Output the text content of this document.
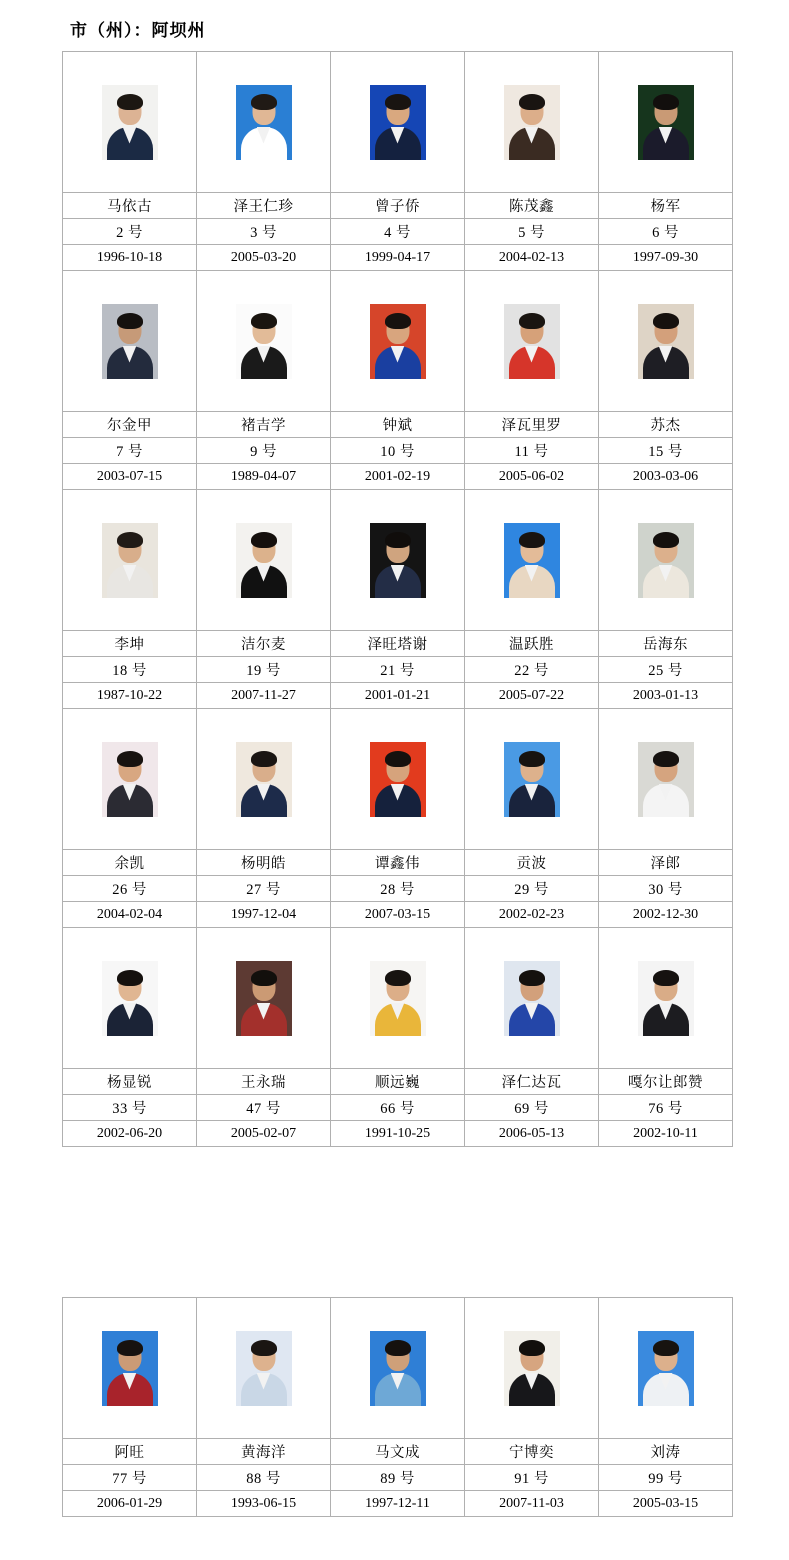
市（州）：阿坝州

马依古	泽王仁珍	曾子侨	陈茂鑫	杨军
2 号	3 号	4 号	5 号	6 号
1996-10-18	2005-03-20	1999-04-17	2004-02-13	1997-09-30

尔金甲	褚吉学	钟斌	泽瓦里罗	苏杰
7 号	9 号	10 号	11 号	15 号
2003-07-15	1989-04-07	2001-02-19	2005-06-02	2003-03-06

李坤	洁尔麦	泽旺塔谢	温跃胜	岳海东
18 号	19 号	21 号	22 号	25 号
1987-10-22	2007-11-27	2001-01-21	2005-07-22	2003-01-13

余凯	杨明皓	谭鑫伟	贡波	泽郎
26 号	27 号	28 号	29 号	30 号
2004-02-04	1997-12-04	2007-03-15	2002-02-23	2002-12-30

杨显锐	王永瑞	顺远巍	泽仁达瓦	嘎尔让郎赞
33 号	47 号	66 号	69 号	76 号
2002-06-20	2005-02-07	1991-10-25	2006-05-13	2002-10-11

阿旺	黄海洋	马文成	宁博奕	刘涛
77 号	88 号	89 号	91 号	99 号
2006-01-29	1993-06-15	1997-12-11	2007-11-03	2005-03-15
